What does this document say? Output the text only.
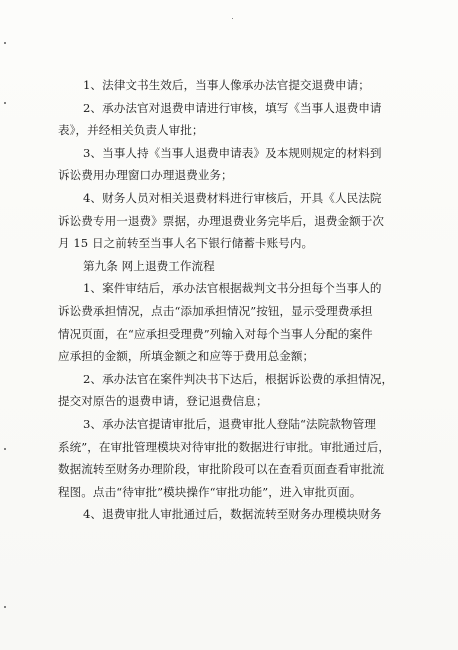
1、法律文书生效后，当事人像承办法官提交退费申请；
2、承办法官对退费申请进行审核，填写《当事人退费申请
表》，并经相关负责人审批；
3、当事人持《当事人退费申请表》及本规则规定的材料到
诉讼费用办理窗口办理退费业务；
4、财务人员对相关退费材料进行审核后，开具《人民法院
诉讼费专用一退费》票据，办理退费业务完毕后，退费金额于次
月 15 日之前转至当事人名下银行储蓄卡账号内。
第九条 网上退费工作流程
1、案件审结后，承办法官根据裁判文书分担每个当事人的
诉讼费承担情况，点击“添加承担情况”按钮，显示受理费承担
情况页面，在“应承担受理费”列输入对每个当事人分配的案件
应承担的金额，所填金额之和应等于费用总金额；
2、承办法官在案件判决书下达后，根据诉讼费的承担情况，
提交对原告的退费申请，登记退费信息；
3、承办法官提请审批后，退费审批人登陆“法院款物管理
系统”，在审批管理模块对待审批的数据进行审批。审批通过后，
数据流转至财务办理阶段，审批阶段可以在查看页面查看审批流
程图。点击“待审批”模块操作“审批功能”，进入审批页面。
4、退费审批人审批通过后，数据流转至财务办理模块财务
